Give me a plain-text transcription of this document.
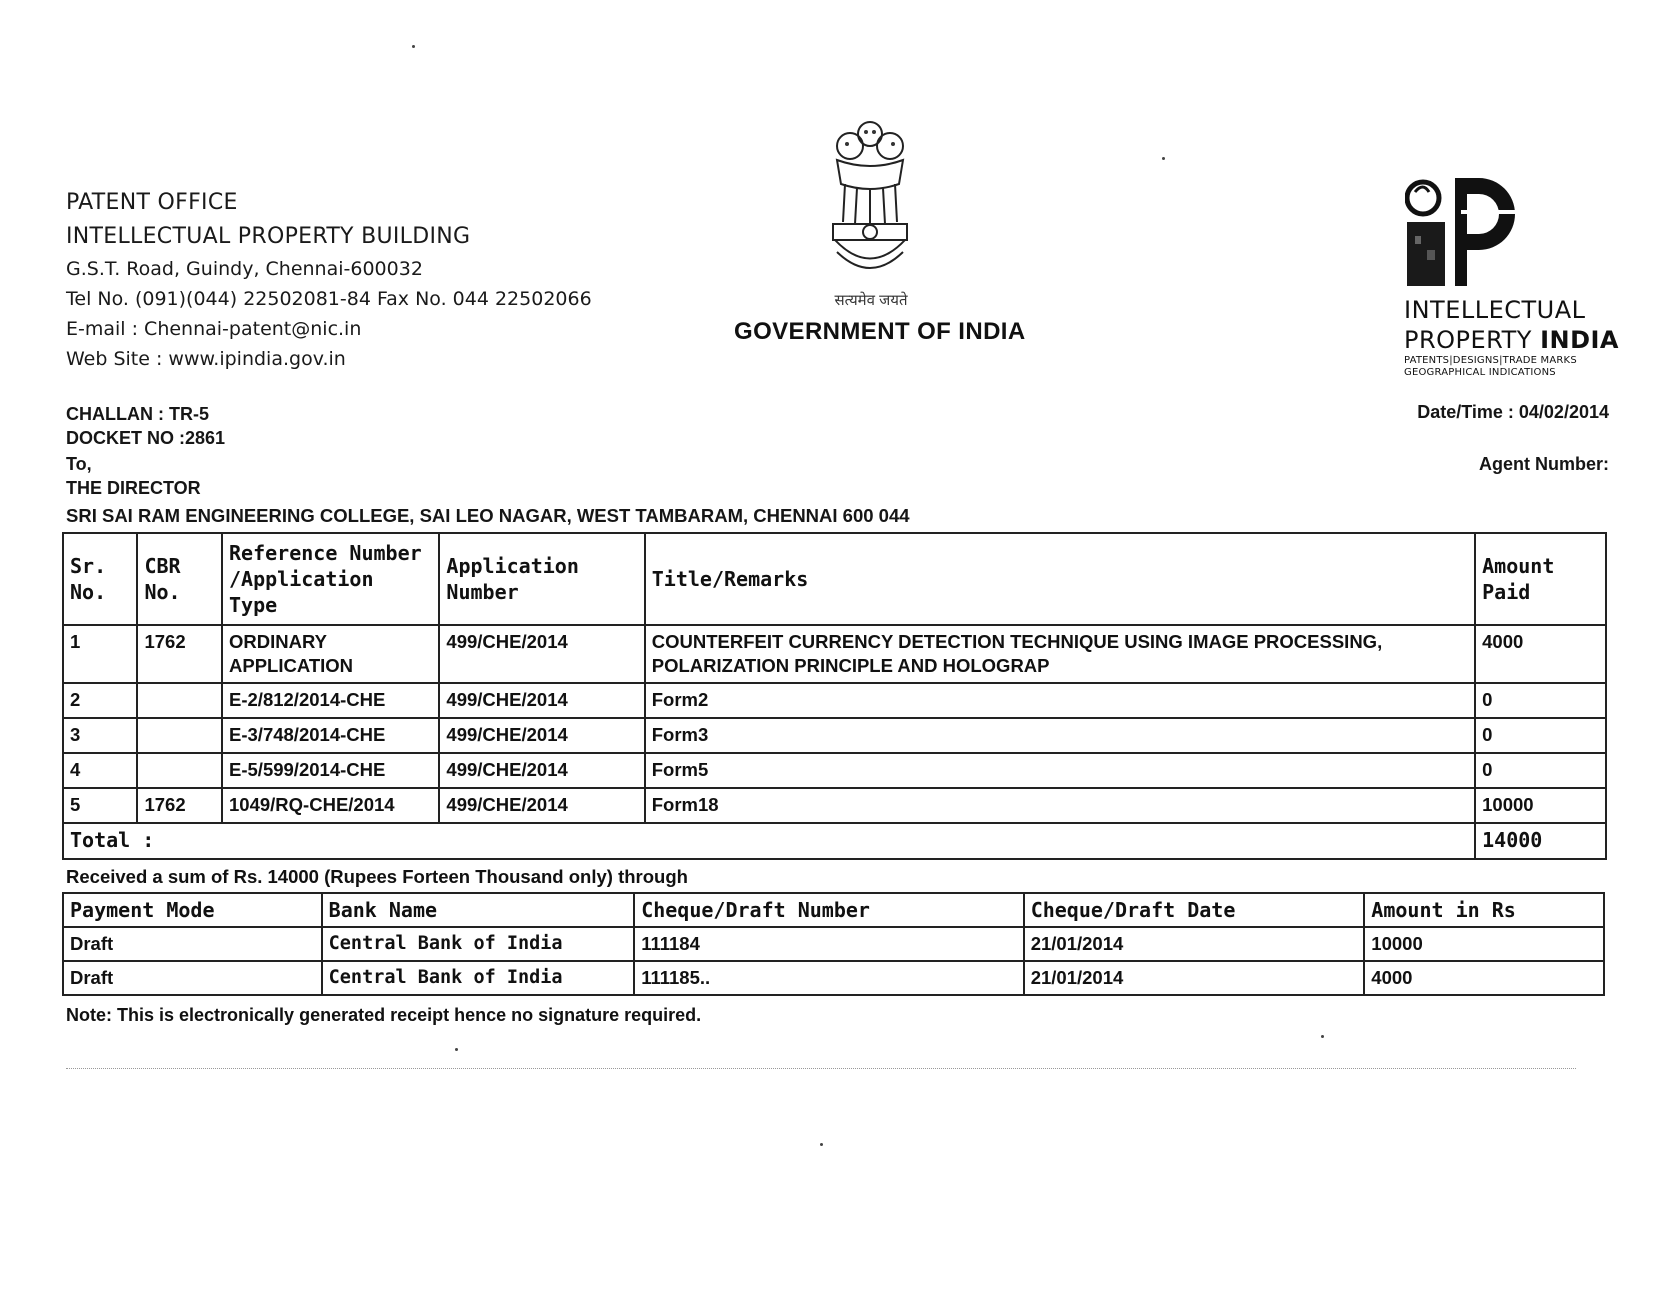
PATENT OFFICE
INTELLECTUAL PROPERTY BUILDING
G.S.T. Road, Guindy, Chennai-600032
Tel No. (091)(044) 22502081-84 Fax No. 044 22502066
E-mail : Chennai-patent@nic.in
Web Site : www.ipindia.gov.in
सत्यमेव जयते
GOVERNMENT OF INDIA
INTELLECTUAL
PROPERTY INDIA
PATENTS|DESIGNS|TRADE MARKS
GEOGRAPHICAL INDICATIONS
CHALLAN : TR-5
DOCKET NO :2861
Date/Time : 04/02/2014
To,
THE DIRECTOR
Agent Number:
SRI SAI RAM ENGINEERING COLLEGE, SAI LEO NAGAR, WEST TAMBARAM, CHENNAI 600 044
Sr. No.	CBR No.	Reference Number /Application Type	Application Number	Title/Remarks	Amount Paid
1	1762	ORDINARY APPLICATION	499/CHE/2014	COUNTERFEIT CURRENCY DETECTION TECHNIQUE USING IMAGE PROCESSING, POLARIZATION PRINCIPLE AND HOLOGRAP	4000
2		E-2/812/2014-CHE	499/CHE/2014	Form2	0
3		E-3/748/2014-CHE	499/CHE/2014	Form3	0
4		E-5/599/2014-CHE	499/CHE/2014	Form5	0
5	1762	1049/RQ-CHE/2014	499/CHE/2014	Form18	10000
Total :					14000
Received a sum of Rs. 14000 (Rupees Forteen Thousand only) through
Payment Mode	Bank Name	Cheque/Draft Number	Cheque/Draft Date	Amount in Rs
Draft	Central Bank of India	111184	21/01/2014	10000
Draft	Central Bank of India	111185..	21/01/2014	4000
Note: This is electronically generated receipt hence no signature required.
